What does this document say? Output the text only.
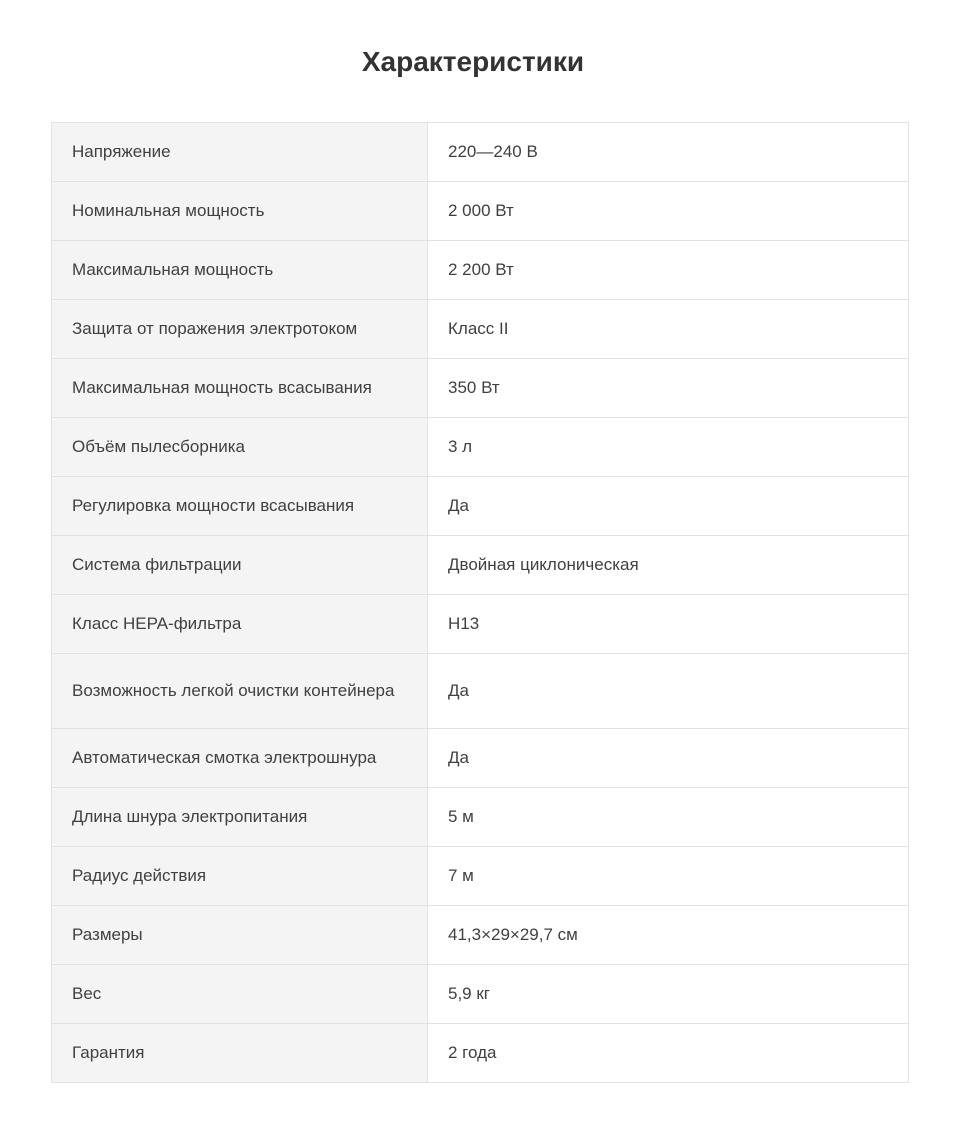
Характеристики
Напряжение	220—240 В
Номинальная мощность	2 000 Вт
Максимальная мощность	2 200 Вт
Защита от поражения электротоком	Класс II
Максимальная мощность всасывания	350 Вт
Объём пылесборника	3 л
Регулировка мощности всасывания	Да
Система фильтрации	Двойная циклоническая
Класс HEPA-фильтра	H13
Возможность легкой очистки контейнера	Да
Автоматическая смотка электрошнура	Да
Длина шнура электропитания	5 м
Радиус действия	7 м
Размеры	41,3×29×29,7 см
Вес	5,9 кг
Гарантия	2 года
